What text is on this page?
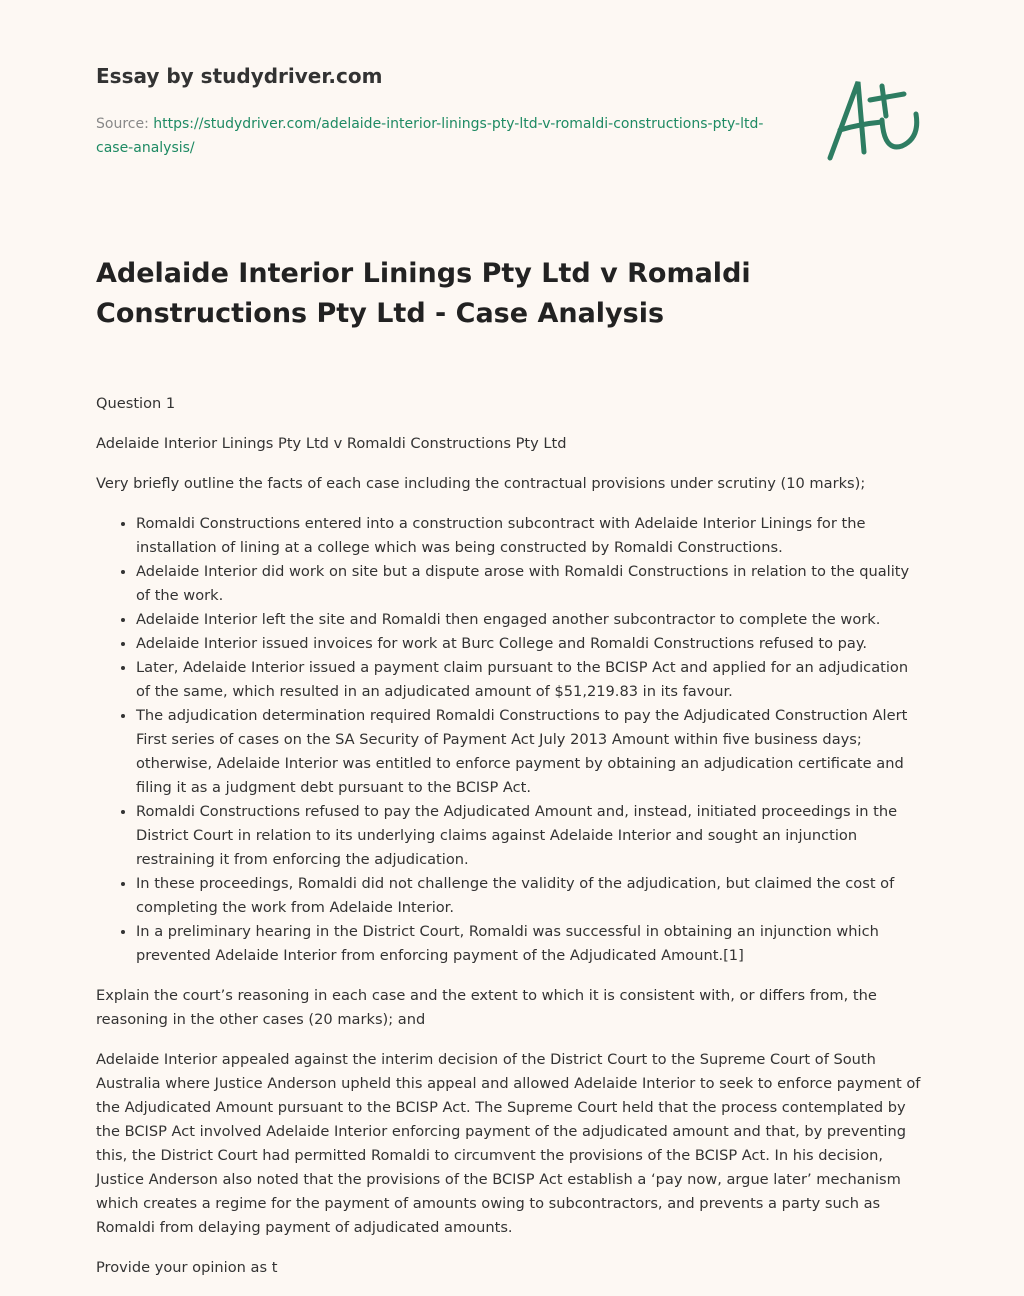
Essay by studydriver.com
Source: https://studydriver.com/adelaide-interior-linings-pty-ltd-v-romaldi-constructions-pty-ltd-case-analysis/
Adelaide Interior Linings Pty Ltd v Romaldi Constructions Pty Ltd - Case Analysis

Question 1

Adelaide Interior Linings Pty Ltd v Romaldi Constructions Pty Ltd

Very briefly outline the facts of each case including the contractual provisions under scrutiny (10 marks);

• Romaldi Constructions entered into a construction subcontract with Adelaide Interior Linings for the installation of lining at a college which was being constructed by Romaldi Constructions.
• Adelaide Interior did work on site but a dispute arose with Romaldi Constructions in relation to the quality of the work.
• Adelaide Interior left the site and Romaldi then engaged another subcontractor to complete the work.
• Adelaide Interior issued invoices for work at Burc College and Romaldi Constructions refused to pay.
• Later, Adelaide Interior issued a payment claim pursuant to the BCISP Act and applied for an adjudication of the same, which resulted in an adjudicated amount of $51,219.83 in its favour.
• The adjudication determination required Romaldi Constructions to pay the Adjudicated Construction Alert First series of cases on the SA Security of Payment Act July 2013 Amount within five business days; otherwise, Adelaide Interior was entitled to enforce payment by obtaining an adjudication certificate and filing it as a judgment debt pursuant to the BCISP Act.
• Romaldi Constructions refused to pay the Adjudicated Amount and, instead, initiated proceedings in the District Court in relation to its underlying claims against Adelaide Interior and sought an injunction restraining it from enforcing the adjudication.
• In these proceedings, Romaldi did not challenge the validity of the adjudication, but claimed the cost of completing the work from Adelaide Interior.
• In a preliminary hearing in the District Court, Romaldi was successful in obtaining an injunction which prevented Adelaide Interior from enforcing payment of the Adjudicated Amount.[1]

Explain the court’s reasoning in each case and the extent to which it is consistent with, or differs from, the reasoning in the other cases (20 marks); and

Adelaide Interior appealed against the interim decision of the District Court to the Supreme Court of South Australia where Justice Anderson upheld this appeal and allowed Adelaide Interior to seek to enforce payment of the Adjudicated Amount pursuant to the BCISP Act. The Supreme Court held that the process contemplated by the BCISP Act involved Adelaide Interior enforcing payment of the adjudicated amount and that, by preventing this, the District Court had permitted Romaldi to circumvent the provisions of the BCISP Act. In his decision, Justice Anderson also noted that the provisions of the BCISP Act establish a ‘pay now, argue later’ mechanism which creates a regime for the payment of amounts owing to subcontractors, and prevents a party such as Romaldi from delaying payment of adjudicated amounts.

Provide your opinion as t
